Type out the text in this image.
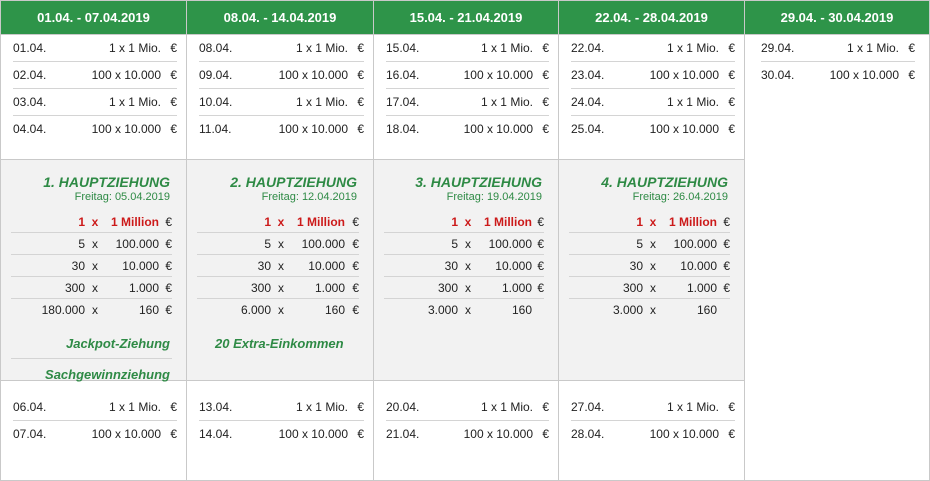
01.04. - 07.04.2019
01.04.	1 x 1 Mio. €
02.04.	100 x 10.000 €
03.04.	1 x 1 Mio. €
04.04.	100 x 10.000 €
1. HAUPTZIEHUNG
Freitag: 05.04.2019
1 x	1 Million €
5 x	100.000 €
30 x	10.000 €
300 x	1.000 €
180.000 x	160 €
Jackpot-Ziehung
Sachgewinnziehung
06.04.	1 x 1 Mio. €
07.04.	100 x 10.000 €
08.04. - 14.04.2019
08.04.	1 x 1 Mio. €
09.04.	100 x 10.000 €
10.04.	1 x 1 Mio. €
11.04.	100 x 10.000 €
2. HAUPTZIEHUNG
Freitag: 12.04.2019
1 x	1 Million €
5 x	100.000 €
30 x	10.000 €
300 x	1.000 €
6.000 x	160 €
20 Extra-Einkommen
13.04.	1 x 1 Mio. €
14.04.	100 x 10.000 €
15.04. - 21.04.2019
15.04.	1 x 1 Mio. €
16.04.	100 x 10.000 €
17.04.	1 x 1 Mio. €
18.04.	100 x 10.000 €
3. HAUPTZIEHUNG
Freitag: 19.04.2019
1 x	1 Million €
5 x	100.000 €
30 x	10.000 €
300 x	1.000 €
3.000 x	160
20.04.	1 x 1 Mio. €
21.04.	100 x 10.000 €
22.04. - 28.04.2019
22.04.	1 x 1 Mio. €
23.04.	100 x 10.000 €
24.04.	1 x 1 Mio. €
25.04.	100 x 10.000 €
4. HAUPTZIEHUNG
Freitag: 26.04.2019
1 x	1 Million €
5 x	100.000 €
30 x	10.000 €
300 x	1.000 €
3.000 x	160
27.04.	1 x 1 Mio. €
28.04.	100 x 10.000 €
29.04. - 30.04.2019
29.04.	1 x 1 Mio. €
30.04.	100 x 10.000 €
